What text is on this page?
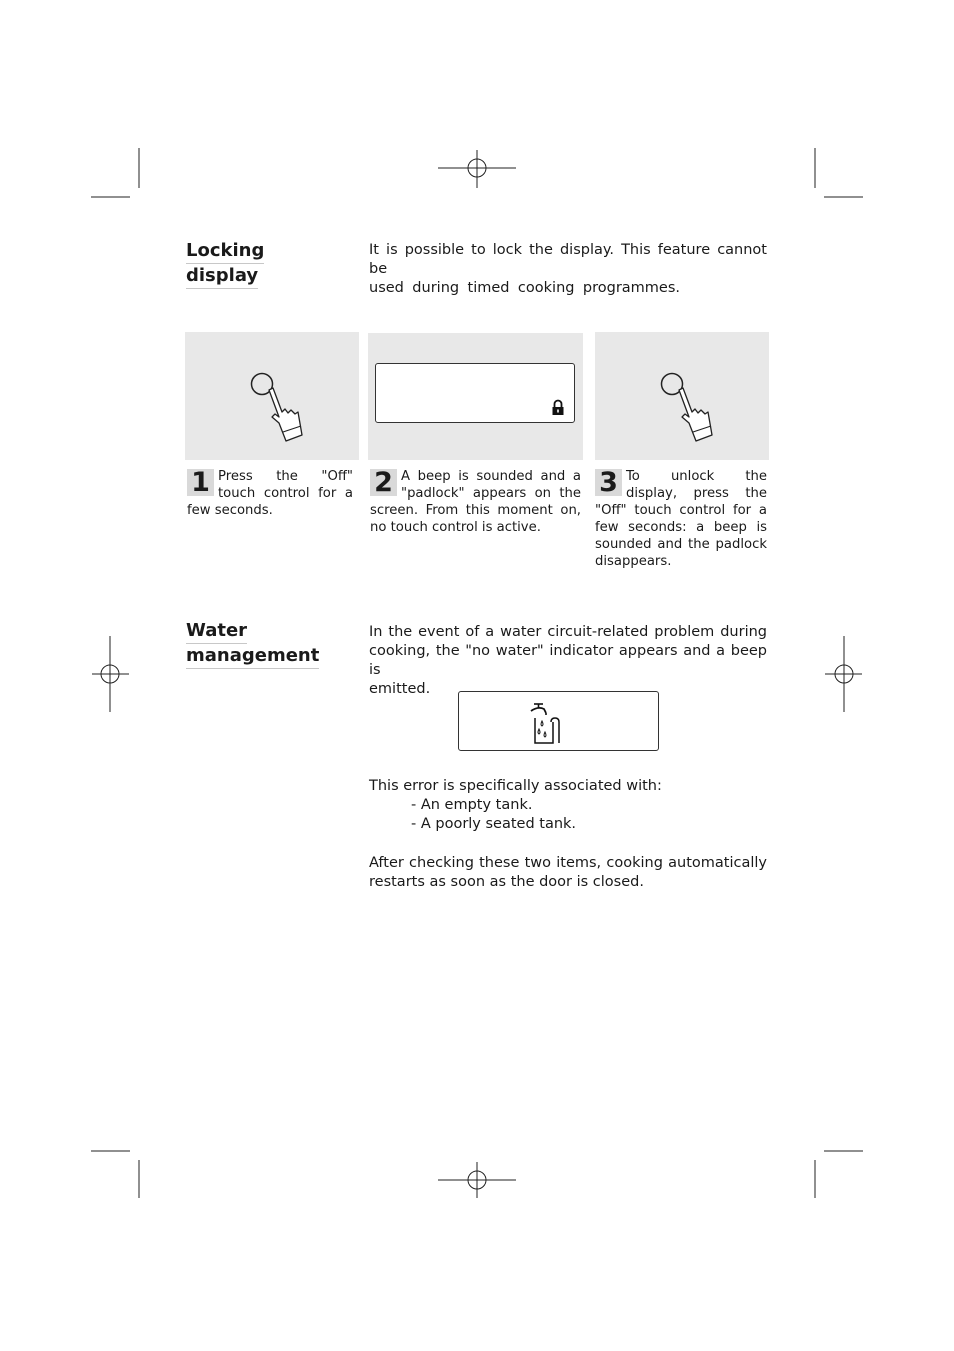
Locking
display
It is possible to lock the display. This feature cannot be
used during timed cooking programmes.
1 Press the "Off" touch control for a few seconds.
2 A beep is sounded and a "padlock" appears on the screen. From this moment on, no touch control is active.
3 To unlock the display, press the "Off" touch control for a few seconds: a beep is sounded and the padlock disappears.
Water
management
In the event of a water circuit-related problem during
cooking, the "no water" indicator appears and a beep is
emitted.
This error is specifically associated with:
- An empty tank.
- A poorly seated tank.
After checking these two items, cooking automatically
restarts as soon as the door is closed.
